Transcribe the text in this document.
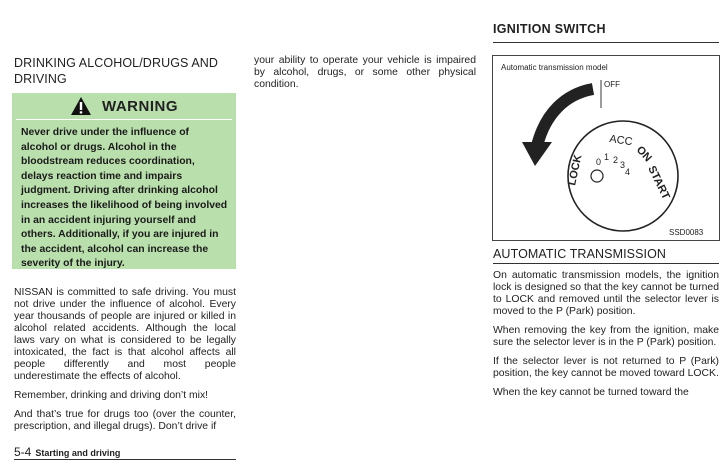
IGNITION SWITCH
DRINKING ALCOHOL/DRUGS AND DRIVING
WARNING
Never drive under the influence of alcohol or drugs. Alcohol in the bloodstream reduces coordination, delays reaction time and impairs judgment. Driving after drinking alcohol increases the likelihood of being involved in an accident injuring yourself and others. Additionally, if you are injured in the accident, alcohol can increase the severity of the injury.

NISSAN is committed to safe driving. You must not drive under the influence of alcohol. Every year thousands of people are injured or killed in alcohol related accidents. Although the local laws vary on what is considered to be legally intoxicated, the fact is that alcohol affects all people differently and most people underestimate the effects of alcohol.

Remember, drinking and driving don’t mix!

And that’s true for drugs too (over the counter, prescription, and illegal drugs). Don’t drive if

5-4 Starting and driving
your ability to operate your vehicle is impaired by alcohol, drugs, or some other physical condition.
Automatic transmission model
OFF
LOCK
ACC
ON
START
0 1 2 3
4
SSD0083
AUTOMATIC TRANSMISSION

On automatic transmission models, the ignition lock is designed so that the key cannot be turned to LOCK and removed until the selector lever is moved to the P (Park) position.

When removing the key from the ignition, make sure the selector lever is in the P (Park) position.

If the selector lever is not returned to P (Park) position, the key cannot be moved toward LOCK.

When the key cannot be turned toward the
